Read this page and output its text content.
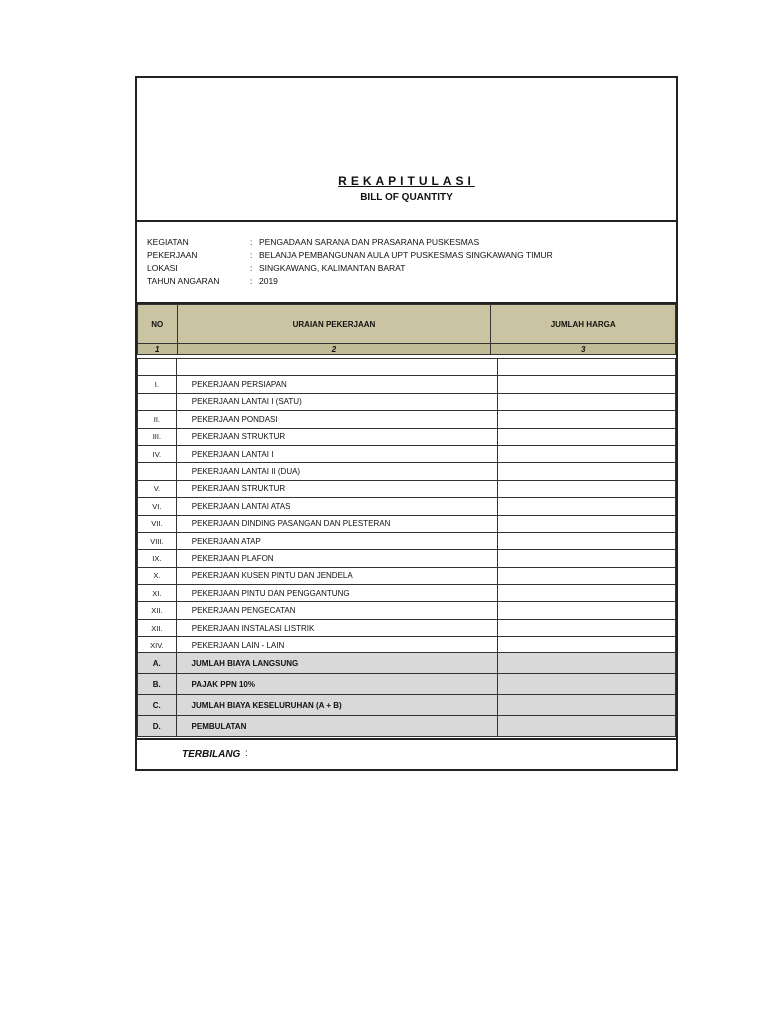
REKAPITULASI
BILL OF QUANTITY
KEGIATAN	: PENGADAAN SARANA DAN PRASARANA PUSKESMAS
PEKERJAAN	: BELANJA PEMBANGUNAN AULA UPT PUSKESMAS SINGKAWANG TIMUR
LOKASI	: SINGKAWANG, KALIMANTAN BARAT
TAHUN ANGARAN	: 2019
NO	URAIAN PEKERJAAN	JUMLAH HARGA
1	2	3

I.	PEKERJAAN PERSIAPAN	
	PEKERJAAN LANTAI I (SATU)	
II.	PEKERJAAN PONDASI	
III.	PEKERJAAN STRUKTUR	
IV.	PEKERJAAN LANTAI I	
	PEKERJAAN LANTAI II (DUA)	
V.	PEKERJAAN STRUKTUR	
VI.	PEKERJAAN LANTAI ATAS	
VII.	PEKERJAAN DINDING PASANGAN DAN PLESTERAN	
VIII.	PEKERJAAN ATAP	
IX.	PEKERJAAN PLAFON	
X.	PEKERJAAN KUSEN PINTU DAN JENDELA	
XI.	PEKERJAAN PINTU DAN PENGGANTUNG	
XII.	PEKERJAAN PENGECATAN	
XII.	PEKERJAAN INSTALASI LISTRIK	
XIV.	PEKERJAAN LAIN - LAIN	

A.	JUMLAH BIAYA LANGSUNG	
B.	PAJAK PPN 10%	
C.	JUMLAH BIAYA KESELURUHAN (A + B)	
D.	PEMBULATAN	
TERBILANG :
